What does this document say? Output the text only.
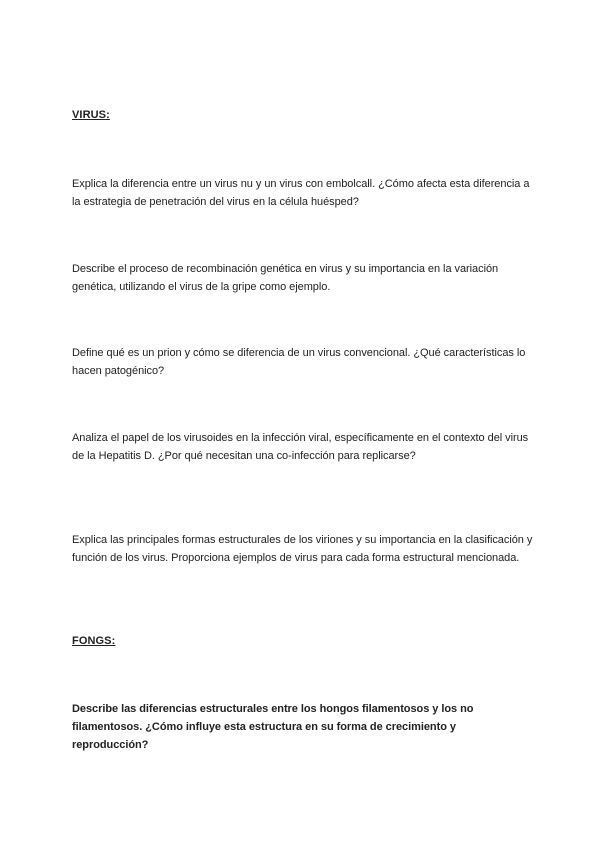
VIRUS:
Explica la diferencia entre un virus nu y un virus con embolcall. ¿Cómo afecta esta diferencia a la estrategia de penetración del virus en la célula huésped?
Describe el proceso de recombinación genética en virus y su importancia en la variación genética, utilizando el virus de la gripe como ejemplo.
Define qué es un prion y cómo se diferencia de un virus convencional. ¿Qué características lo hacen patogénico?
Analiza el papel de los virusoides en la infección viral, específicamente en el contexto del virus de la Hepatitis D. ¿Por qué necesitan una co-infección para replicarse?
Explica las principales formas estructurales de los viriones y su importancia en la clasificación y función de los virus. Proporciona ejemplos de virus para cada forma estructural mencionada.
FONGS:
Describe las diferencias estructurales entre los hongos filamentosos y los no filamentosos. ¿Cómo influye esta estructura en su forma de crecimiento y reproducción?
